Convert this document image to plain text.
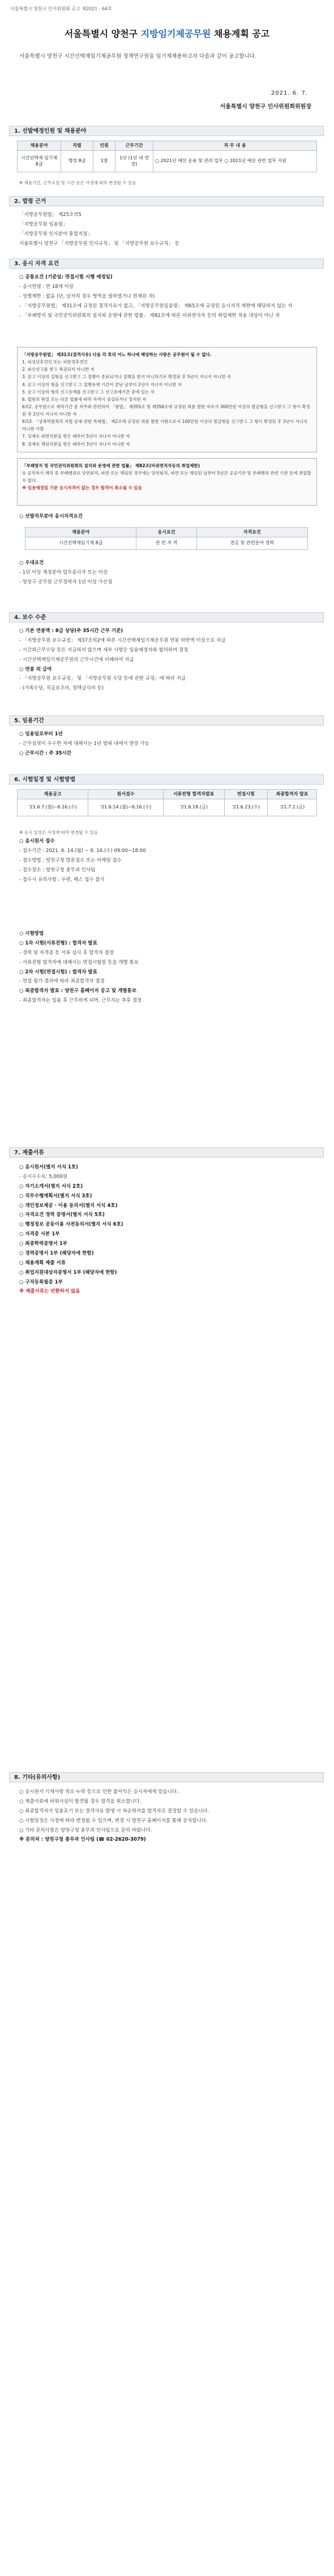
서울특별시 양천구 인사위원회 공고 제2021 - 64호
서울특별시 양천구 지방임기제공무원 채용계획 공고
서울특별시 양천구 시간선택제임기제공무원 정책연구원을 임기제채용하고자 다음과 같이 공고합니다.
2021. 6. 7.
서울특별시 양천구 인사위원회위원장
1. 선발예정인원 및 채용분야
채용분야	직렬	인원	근무기간	직 무 내 용
시간선택제 임기제 8급	행정 8급	1명	1년 (1년 내 연장)	○ 2021년 예산 운용 및 관리 업무 ○ 2021년 예산 관련 업무 지원
※ 채용기간, 근무요일 및 시간 등은 사정에 따라 변경될 수 있음
2. 법령 근거

「지방공무원법」 제25조의5

「지방공무원 임용령」

「지방공무원 인사분야 통합지침」

서울특별시 양천구 「지방공무원 인사규칙」 및 「지방공무원 보수규칙」 등

3. 응시 자격 요건

○ 공통요건 (기준일: 면접시험 시행 예정일)

- 응시연령 : 만 18세 이상

- 성별제한 : 없음 (단, 남자의 경우 병역을 필하였거나 면제된 자)

- 「지방공무원법」 제31조에 규정된 결격사유가 없고, 「지방공무원임용령」 제65조에 규정된 응시자격 제한에 해당하지 않는 자

- 「부패방지 및 국민권익위원회의 설치와 운영에 관한 법률」 제82조에 따른 비위면직자 등의 취업제한 적용 대상이 아닌 자

「지방공무원법」 제31조(결격사유) 다음 각 호의 어느 하나에 해당하는 사람은 공무원이 될 수 없다.

1. 피성년후견인 또는 피한정후견인

2. 파산선고를 받고 복권되지 아니한 자

3. 금고 이상의 실형을 선고받고 그 집행이 종료되거나 집행을 받지 아니하기로 확정된 후 5년이 지나지 아니한 자

4. 금고 이상의 형을 선고받고 그 집행유예 기간이 끝난 날부터 2년이 지나지 아니한 자

5. 금고 이상의 형의 선고유예를 선고받고 그 선고유예기간 중에 있는 자

6. 법원의 판결 또는 다른 법률에 따라 자격이 상실되거나 정지된 자

6의2. 공무원으로 재직기간 중 직무와 관련하여 「형법」 제355조 및 제356조에 규정된 죄를 범한 자로서 300만원 이상의 벌금형을 선고받고 그 형이 확정된 후 2년이 지나지 아니한 자

6의3. 「성폭력범죄의 처벌 등에 관한 특례법」 제2조에 규정된 죄를 범한 사람으로서 100만원 이상의 벌금형을 선고받고 그 형이 확정된 후 3년이 지나지 아니한 사람

7. 징계로 파면처분을 받은 때부터 5년이 지나지 아니한 자

8. 징계로 해임처분을 받은 때부터 3년이 지나지 아니한 자

「부패방지 및 국민권익위원회의 설치와 운영에 관한 법률」 제82조(비위면직자등의 취업제한)

① 공직자가 재직 중 부패행위로 당연퇴직, 파면 또는 해임된 경우에는 당연퇴직, 파면 또는 해임된 날부터 5년간 공공기관 및 부패행위 관련 기관 등에 취업할 수 없다.

※ 임용예정일 기준 응시자격이 없는 경우 합격이 취소될 수 있음

○ 선발직무분야 응시자격요건

채용분야	응시요건	자격요건
시간선택제임기제 8급	관 련 자 격	전공 및 관련분야 경력

○ 우대요건

- 1년 이상 재정분야 업무종사자 또는 이상

- 양천구 공무원 근무경력자 1년 이상 가산점

4. 보수 수준

○ 기본 연봉액 : 8급 상당(주 35시간 근무 기준)

- 「지방공무원 보수규정」 제37조의2에 따른 시간선택제임기제공무원 연봉 하한액 이상으로 지급

- 시간외근무수당 등은 지급하지 않으며 세부 사항은 임용예정자와 협의하여 결정

- 시간선택제임기제공무원의 근무시간에 비례하여 지급

○ 연봉 외 급여

- 「지방공무원 보수규정」 및 「지방공무원 수당 등에 관한 규정」에 따라 지급

- (가족수당, 직급보조비, 정액급식비 등)

5. 임용기간

○ 임용일로부터 1년

- 근무실적이 우수한 자에 대해서는 1년 범위 내에서 연장 가능

○ 근무시간 : 주 35시간

6. 시험일정 및 시험방법
채용공고	원서접수	서류전형 합격자발표	면접시험	최종합격자 발표
'21.6.7.(월)~6.16.(수)	'21.6.14.(월)~6.16.(수)	'21.6.18.(금)	'21.6.23.(수)	'21.7.2.(금)

※ 응시 일정은 사정에 따라 변경될 수 있음

○ 응시원서 접수

- 접수기간 : 2021. 6. 14.(월) ~ 6. 16.(수) 09:00~18:00

- 접수방법 : 양천구청 방문접수 또는 이메일 접수

- 접수장소 : 양천구청 총무과 인사팀

- 접수시 유의사항 : 우편, 팩스 접수 불가

○ 시험방법

○ 1차 시험(서류전형) : 합격자 발표

- 경력 및 자격증 등 서류 심사 후 합격자 결정

- 서류전형 합격자에 대해서는 면접시험일 등을 개별 통보

○ 2차 시험(면접시험) : 합격자 발표

- 면접 평가 결과에 따라 최종합격자 결정

○ 최종합격자 발표 : 양천구 홈페이지 공고 및 개별통보

- 최종합격자는 임용 후 근무하게 되며, 근무지는 추후 결정

7. 제출서류

○ 응시원서(별지 서식 1호)

- 응시수수료: 5,000원

○ 자기소개서(별지 서식 2호)

○ 직무수행계획서(별지 서식 3호)

○ 개인정보제공 · 이용 동의서(별지 서식 4호)

○ 자격요건 경력 증명서(별지 서식 5호)

○ 행정정보 공동이용 사전동의서(별지 서식 6호)

○ 자격증 사본 1부

○ 최종학력증명서 1부

○ 경력증명서 1부 (해당자에 한함)

○ 채용계획 제출 서류

○ 취업지원대상자증명서 1부 (해당자에 한함)

○ 구직등록필증 1부

※ 제출서류는 반환하지 않음

8. 기타(유의사항)

○ 응시원서 기재사항 착오·누락 등으로 인한 불이익은 응시자에게 있습니다.

○ 제출서류에 허위사실이 발견될 경우 합격을 취소합니다.

○ 최종합격자가 임용포기 또는 결격사유 발생 시 차순위자를 합격자로 결정할 수 있습니다.

○ 시험일정은 사정에 따라 변경될 수 있으며, 변경 시 양천구 홈페이지를 통해 공지합니다.

○ 기타 문의사항은 양천구청 총무과 인사팀으로 문의 바랍니다.

※ 문의처 : 양천구청 총무과 인사팀 (☎ 02-2620-3079)
